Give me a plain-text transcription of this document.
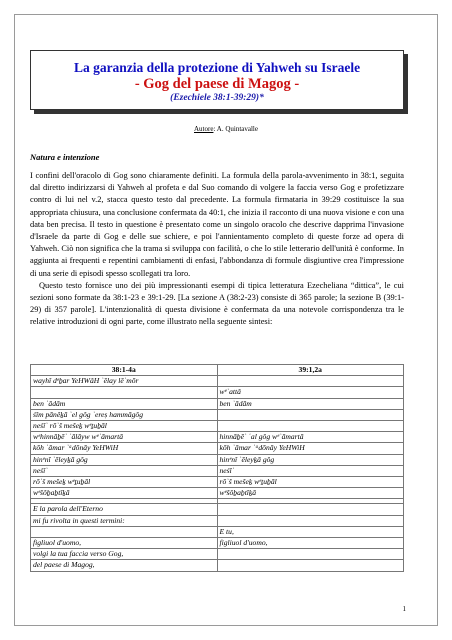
La garanzia della protezione di Yahweh su Israele
- Gog del paese di Magog -
(Ezechiele 38:1-39:29)*
Autore: A. Quintavalle
Natura e intenzione

I confini dell'oracolo di Gog sono chiaramente definiti. La formula della parola-avvenimento in 38:1, seguita dal diretto indirizzarsi di Yahweh al profeta e dal Suo comando di volgere la faccia verso Gog e profetizzare contro di lui nel v.2, stacca questo testo dal precedente. La formula firmataria in 39:29 costituisce la sua appropriata chiusura, una conclusione confermata da 40:1, che inizia il racconto di una nuova visione e con una data ben precisa. Il testo in questione è presentato come un singolo oracolo che descrive dapprima l'invasione d'Israele da parte di Gog e delle sue schiere, e poi l'annientamento completo di queste forze ad opera di Yahweh. Ciò non significa che la trama si sviluppa con facilità, o che lo stile letterario dell'unità è conforme. In aggiunta ai frequenti e repentini cambiamenti di enfasi, l'abbondanza di formule disgiuntive crea l'impressione di una serie di episodi spesso scollegati tra loro.

Questo testo fornisce uno dei più impressionanti esempi di tipica letteratura Ezecheliana “dittica”, le cui sezioni sono formate da 38:1-23 e 39:1-29. [La sezione A (38:2-23) consiste di 365 parole; la sezione B (39:1-29) di 357 parole]. L'intenzionalità di questa divisione è confermata da una notevole corrispondenza tra le relative introduzioni di ogni parte, come illustrato nella seguente sintesi:

38:1-4a	39:1,2a
wayhî dᵉḇar YeHWâH ʾēlay lēʾmōr	
	wᵉʾattâ
ben ʾādām	ben ʾādām
śîm pānêḵā ʾel gôg ʾereṣ hammāgôg	
neśîʾ rōʾš mešeḵ wᵉṯuḇāl	
wᵉhinnāḇēʾ ʿālāyw wᵉʾāmartā	hinnāḇēʾ ʿal gôg wᵉʾāmartā
kōh ʾāmar ʾᵃdōnāy YeHWiH	kōh ʾāmar ʾᵃdōnāy YeHWiH
hinᵉnî ʾēleyḵā gôg	hinᵉnî ʾēleyḵā gôg
neśîʾ	neśîʾ
rōʾš mešeḵ wᵉṯuḇāl	rōʾš mešeḵ wᵉṯuḇāl
wᵉšôḇaḇtîḵā	wᵉšôḇaḇtîḵā

E la parola dell'Eterno	
mi fu rivolta in questi termini:	
	E tu,
figliuol d'uomo,	figliuol d'uomo,
volgi la tua faccia verso Gog,	
del paese di Magog,	
1
